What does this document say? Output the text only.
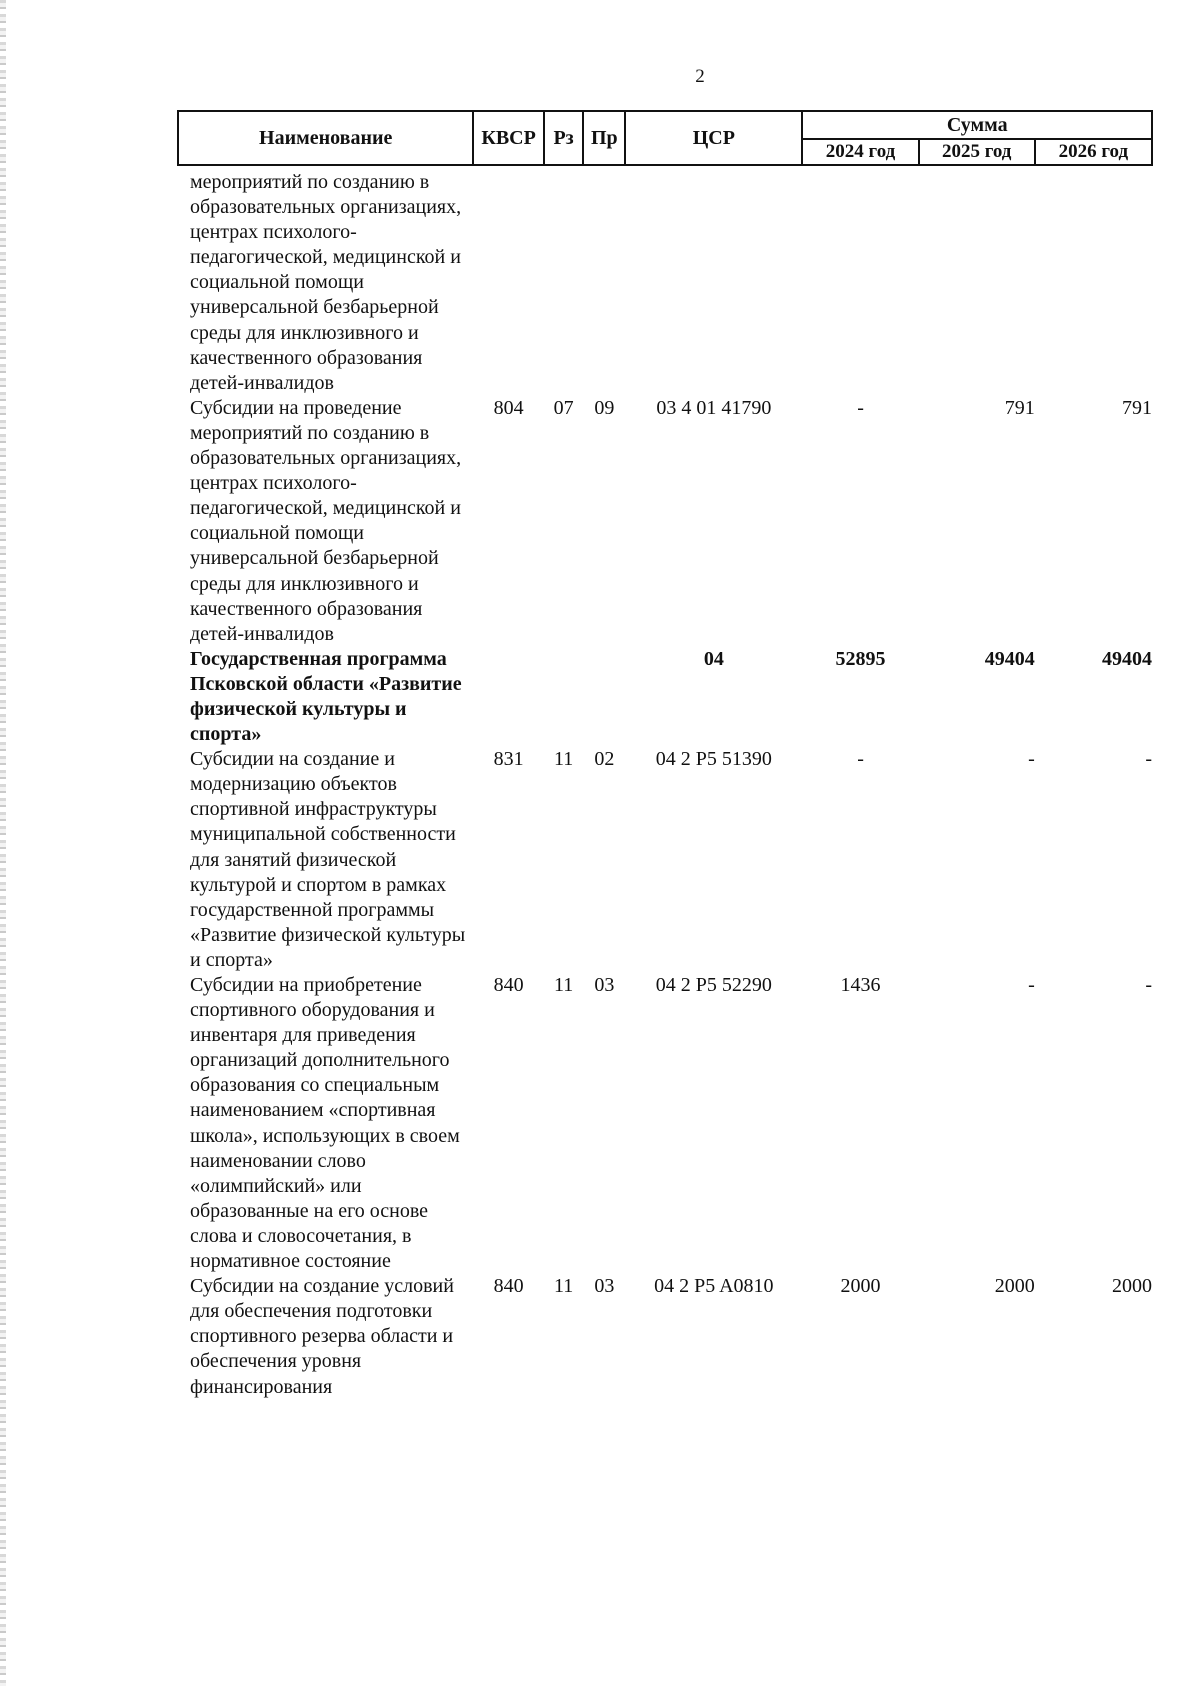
2
Наименование	КВСР	Рз	Пр	ЦСР	Сумма		
					2024 год	2025 год	2026 год
мероприятий по созданию в образовательных организациях, центрах психолого-педагогической, медицинской и социальной помощи универсальной безбарьерной среды для инклюзивного и качественного образования детей-инвалидов							
Субсидии на проведение мероприятий по созданию в образовательных организациях, центрах психолого-педагогической, медицинской и социальной помощи универсальной безбарьерной среды для инклюзивного и качественного образования детей-инвалидов	804	07	09	03 4 01 41790	-	791	791
Государственная программа Псковской области «Развитие физической культуры и спорта»				04	52895	49404	49404
Субсидии на создание и модернизацию объектов спортивной инфраструктуры муниципальной собственности для занятий физической культурой и спортом в рамках государственной программы «Развитие физической культуры и спорта»	831	11	02	04 2 P5 51390	-	-	-
Субсидии на приобретение спортивного оборудования и инвентаря для приведения организаций дополнительного образования со специальным наименованием «спортивная школа», использующих в своем наименовании слово «олимпийский» или образованные на его основе слова и словосочетания, в нормативное состояние	840	11	03	04 2 P5 52290	1436	-	-
Субсидии на создание условий для обеспечения подготовки спортивного резерва области и обеспечения уровня финансирования	840	11	03	04 2 P5 A0810	2000	2000	2000
